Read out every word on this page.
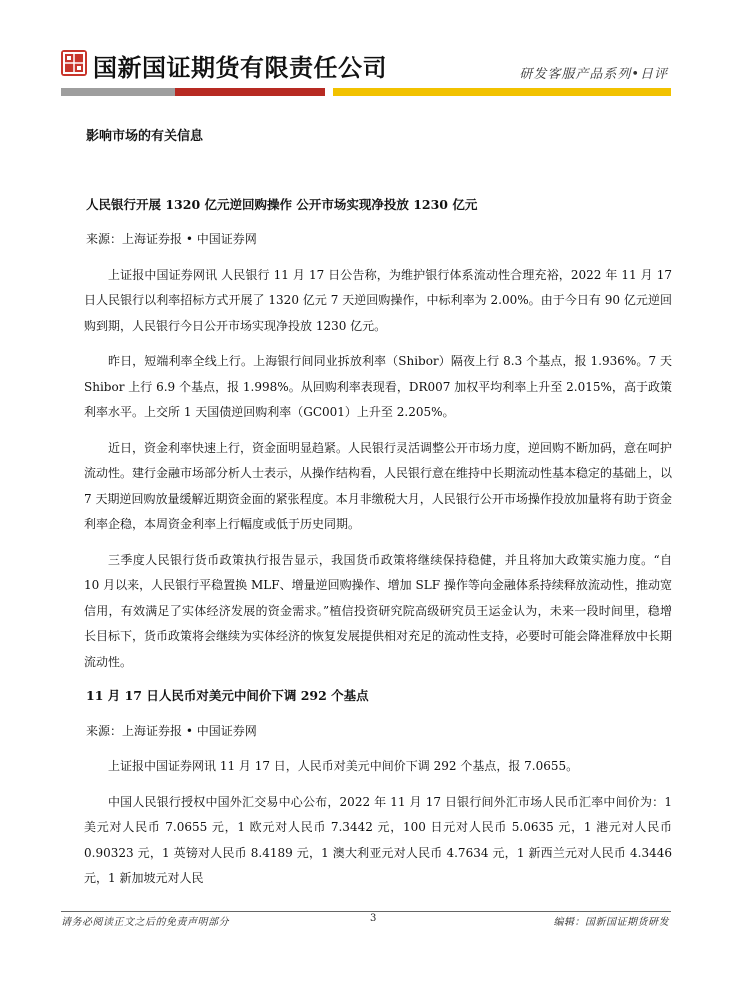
国新国证期货有限责任公司	研发客服产品系列•日评
影响市场的有关信息
人民银行开展 1320 亿元逆回购操作 公开市场实现净投放 1230 亿元
来源：上海证券报 • 中国证券网

上证报中国证券网讯 人民银行 11 月 17 日公告称，为维护银行体系流动性合理充裕，2022 年 11 月 17 日人民银行以利率招标方式开展了 1320 亿元 7 天逆回购操作，中标利率为 2.00%。由于今日有 90 亿元逆回购到期，人民银行今日公开市场实现净投放 1230 亿元。

昨日，短端利率全线上行。上海银行间同业拆放利率（Shibor）隔夜上行 8.3 个基点，报 1.936%。7 天 Shibor 上行 6.9 个基点，报 1.998%。从回购利率表现看，DR007 加权平均利率上升至 2.015%，高于政策利率水平。上交所 1 天国债逆回购利率（GC001）上升至 2.205%。

近日，资金利率快速上行，资金面明显趋紧。人民银行灵活调整公开市场力度，逆回购不断加码，意在呵护流动性。建行金融市场部分析人士表示，从操作结构看，人民银行意在维持中长期流动性基本稳定的基础上，以 7 天期逆回购放量缓解近期资金面的紧张程度。本月非缴税大月，人民银行公开市场操作投放加量将有助于资金利率企稳，本周资金利率上行幅度或低于历史同期。

三季度人民银行货币政策执行报告显示，我国货币政策将继续保持稳健，并且将加大政策实施力度。“自 10 月以来，人民银行平稳置换 MLF、增量逆回购操作、增加 SLF 操作等向金融体系持续释放流动性，推动宽信用，有效满足了实体经济发展的资金需求。”植信投资研究院高级研究员王运金认为，未来一段时间里，稳增长目标下，货币政策将会继续为实体经济的恢复发展提供相对充足的流动性支持，必要时可能会降准释放中长期流动性。

11 月 17 日人民币对美元中间价下调 292 个基点
来源：上海证券报 • 中国证券网

上证报中国证券网讯 11 月 17 日，人民币对美元中间价下调 292 个基点，报 7.0655。

中国人民银行授权中国外汇交易中心公布，2022 年 11 月 17 日银行间外汇市场人民币汇率中间价为：1 美元对人民币 7.0655 元，1 欧元对人民币 7.3442 元，100 日元对人民币 5.0635 元，1 港元对人民币 0.90323 元，1 英镑对人民币 8.4189 元，1 澳大利亚元对人民币 4.7634 元，1 新西兰元对人民币 4.3446 元，1 新加坡元对人民

请务必阅读正文之后的免责声明部分	3	编辑：国新国证期货研发
